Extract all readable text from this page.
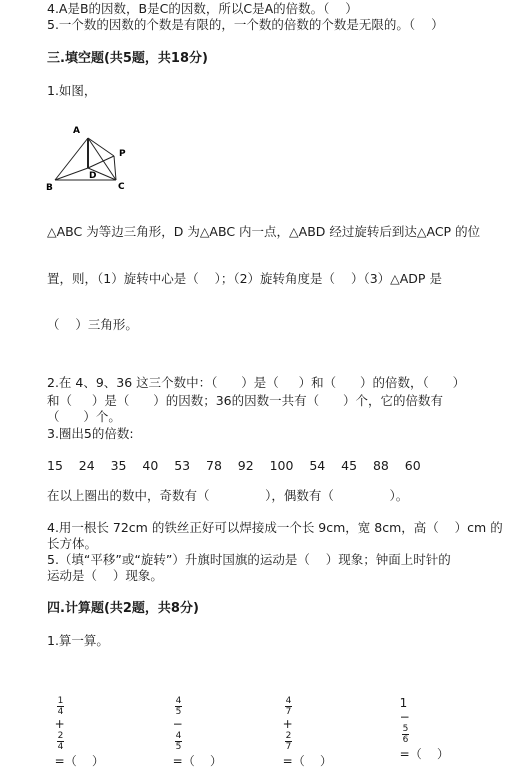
4.A是B的因数，B是C的因数，所以C是A的倍数。（    ）
5.一个数的因数的个数是有限的，一个数的倍数的个数是无限的。（    ）
三.填空题(共5题，共18分)
1.如图，
A
B	C
D
P
△ABC 为等边三角形，D 为△ABC 内一点，△ABD 经过旋转后到达△ACP 的位
置，则，（1）旋转中心是（    ）；（2）旋转角度是（    ）（3）△ADP 是
（    ）三角形。
2.在 4、9、36 这三个数中：（      ）是（     ）和（      ）的倍数，（      ）
和（     ）是（      ）的因数；36的因数一共有（      ）个，它的倍数有
（      ）个。
3.圈出5的倍数:
15    24    35    40    53    78    92    100    54    45    88    60
在以上圈出的数中，奇数有（              ），偶数有（              ）。
4.用一根长 72cm 的铁丝正好可以焊接成一个长 9cm，宽 8cm，高（    ）cm 的
长方体。
5.（填“平移”或“旋转”）升旗时国旗的运动是（    ）现象；钟面上时针的
运动是（    ）现象。
四.计算题(共2题，共8分)
1.算一算。

$\frac{1}{4}$

+

$\frac{2}{4}$

=（    ）

$\frac{4}{5}$

−

$\frac{4}{5}$

=（    ）

$\frac{4}{7}$

+

$\frac{2}{7}$

=（    ）

1
−

$\frac{5}{6}$

=（    ）
